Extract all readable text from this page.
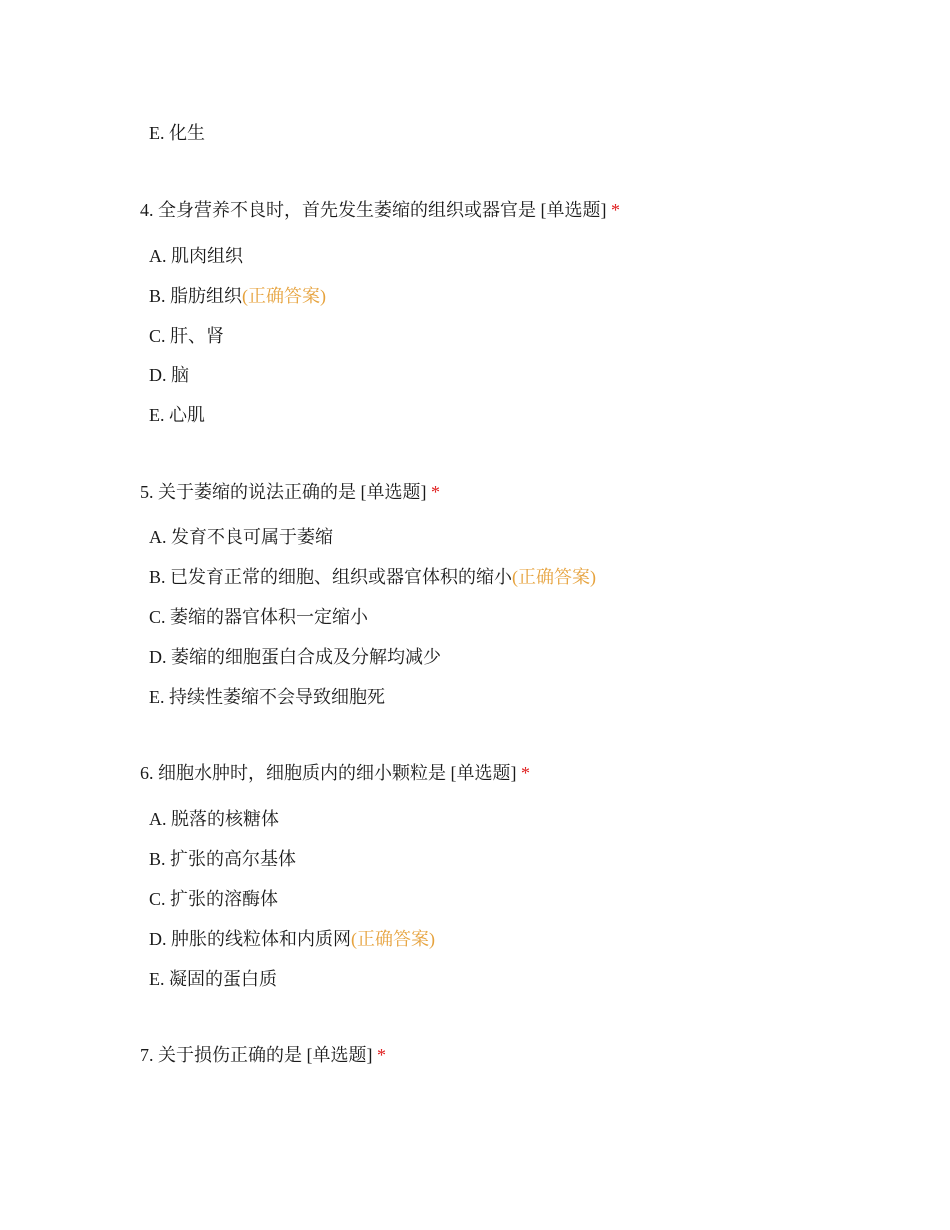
E. 化生
4. 全身营养不良时，首先发生萎缩的组织或器官是 [单选题] *
A. 肌肉组织
B. 脂肪组织(正确答案)
C. 肝、肾
D. 脑
E. 心肌
5. 关于萎缩的说法正确的是 [单选题] *
A. 发育不良可属于萎缩
B. 已发育正常的细胞、组织或器官体积的缩小(正确答案)
C. 萎缩的器官体积一定缩小
D. 萎缩的细胞蛋白合成及分解均减少
E. 持续性萎缩不会导致细胞死
6. 细胞水肿时，细胞质内的细小颗粒是 [单选题] *
A. 脱落的核糖体
B. 扩张的高尔基体
C. 扩张的溶酶体
D. 肿胀的线粒体和内质网(正确答案)
E. 凝固的蛋白质
7. 关于损伤正确的是 [单选题] *
